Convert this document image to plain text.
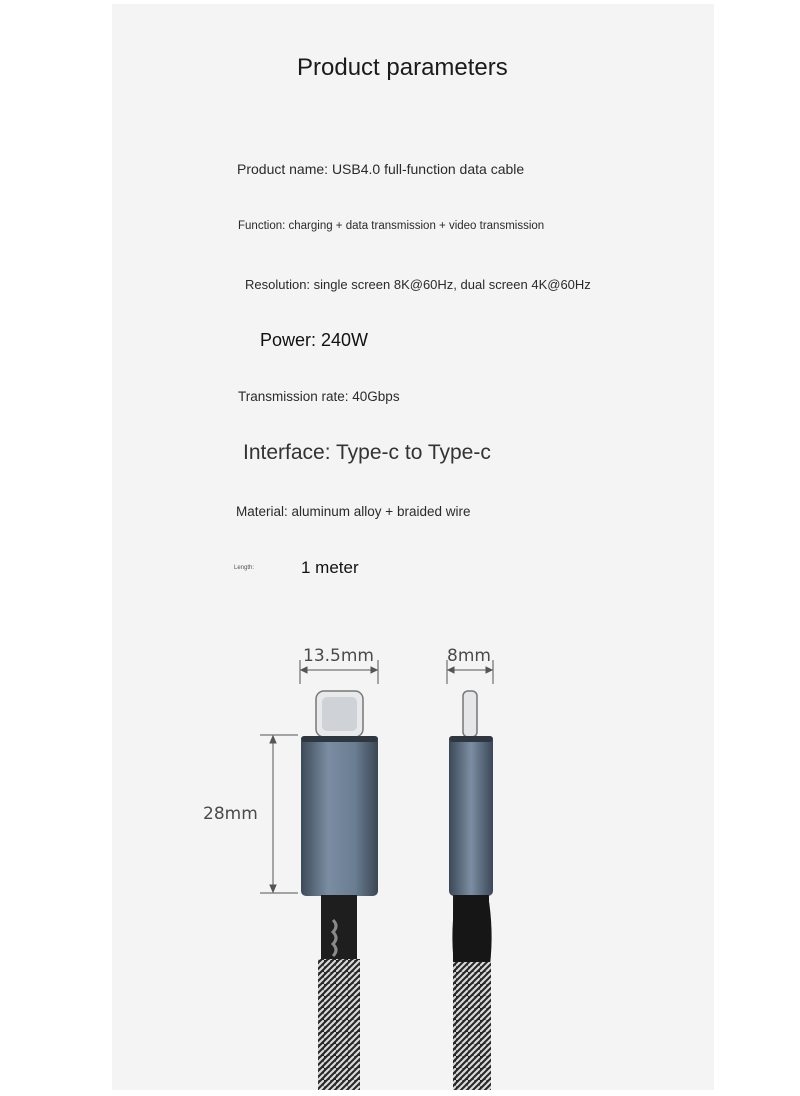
Product parameters
Product name: USB4.0 full-function data cable
Function: charging + data transmission + video transmission
Resolution: single screen 8K@60Hz, dual screen 4K@60Hz
Power: 240W
Transmission rate: 40Gbps
Interface: Type-c to Type-c
Material: aluminum alloy + braided wire
Length:	1 meter
13.5mm	8mm
28mm
